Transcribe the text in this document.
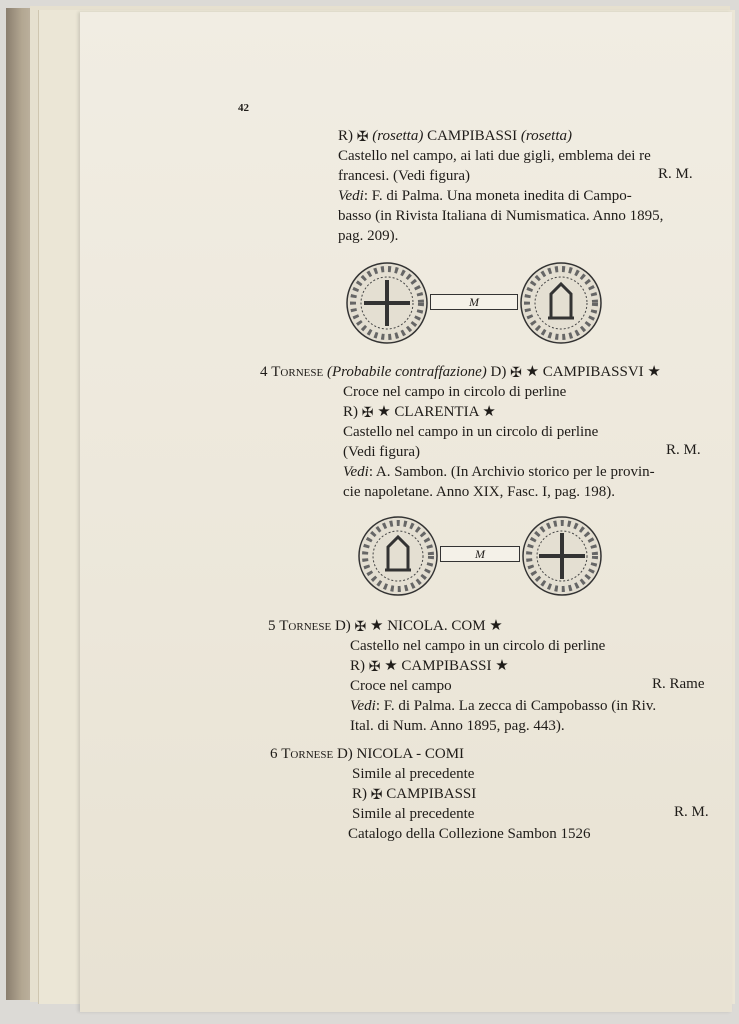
42
R) ✠ (rosetta) CAMPIBASSI (rosetta)
Castello nel campo, ai lati due gigli, emblema dei re
francesi. (Vedi figura)	R. M.
Vedi: F. di Palma. Una moneta inedita di Campo-
basso (in Rivista Italiana di Numismatica. Anno 1895,
pag. 209).
M
4 Tornese (Probabile contraffazione) D) ✠ ★ CAMPIBASSVI ★
Croce nel campo in circolo di perline
R) ✠ ★ CLARENTIA ★
Castello nel campo in un circolo di perline
(Vedi figura)	R. M.
Vedi: A. Sambon. (In Archivio storico per le provin-
cie napoletane. Anno XIX, Fasc. I, pag. 198).
M
5 Tornese D) ✠ ★ NICOLA. COM ★
Castello nel campo in un circolo di perline
R) ✠ ★ CAMPIBASSI ★
Croce nel campo	R. Rame
Vedi: F. di Palma. La zecca di Campobasso (in Riv.
Ital. di Num. Anno 1895, pag. 443).
6 Tornese D) NICOLA - COMI
Simile al precedente
R) ✠ CAMPIBASSI
Simile al precedente	R. M.
Catalogo della Collezione Sambon 1526
